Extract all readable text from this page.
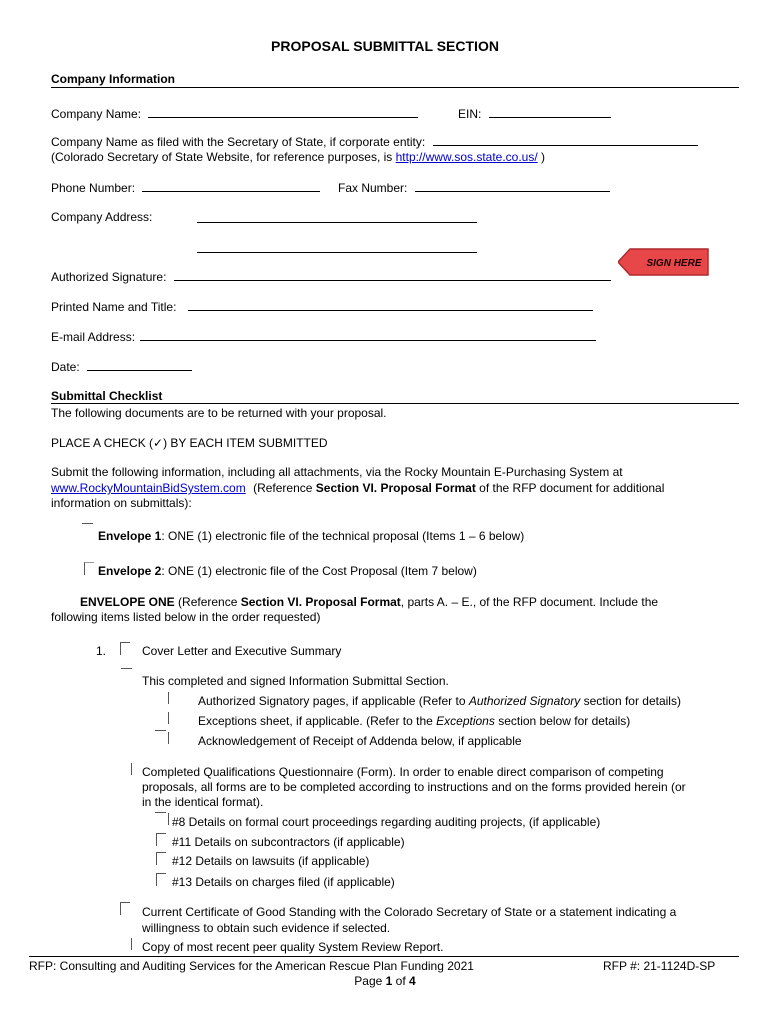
PROPOSAL SUBMITTAL SECTION
Company Information
Company Name:	EIN:
Company Name as filed with the Secretary of State, if corporate entity:
(Colorado Secretary of State Website, for reference purposes, is http://www.sos.state.co.us/ )
Phone Number:	Fax Number:
Company Address:
SIGN HERE
Authorized Signature:
Printed Name and Title:
E-mail Address:
Date:
Submittal Checklist
The following documents are to be returned with your proposal.
PLACE A CHECK (✓) BY EACH ITEM SUBMITTED
Submit the following information, including all attachments, via the Rocky Mountain E-Purchasing System at
www.RockyMountainBidSystem.com (Reference Section VI. Proposal Format of the RFP document for additional
information on submittals):
Envelope 1: ONE (1) electronic file of the technical proposal (Items 1 – 6 below)
Envelope 2: ONE (1) electronic file of the Cost Proposal (Item 7 below)
ENVELOPE ONE (Reference Section VI. Proposal Format, parts A. – E., of the RFP document. Include the
following items listed below in the order requested)
1.	Cover Letter and Executive Summary
This completed and signed Information Submittal Section.
Authorized Signatory pages, if applicable (Refer to Authorized Signatory section for details)
Exceptions sheet, if applicable. (Refer to the Exceptions section below for details)
Acknowledgement of Receipt of Addenda below, if applicable
Completed Qualifications Questionnaire (Form). In order to enable direct comparison of competing
proposals, all forms are to be completed according to instructions and on the forms provided herein (or
in the identical format).
#8 Details on formal court proceedings regarding auditing projects, (if applicable)
#11 Details on subcontractors (if applicable)
#12 Details on lawsuits (if applicable)
#13 Details on charges filed (if applicable)
Current Certificate of Good Standing with the Colorado Secretary of State or a statement indicating a
willingness to obtain such evidence if selected.
Copy of most recent peer quality System Review Report.
RFP: Consulting and Auditing Services for the American Rescue Plan Funding 2021	RFP #: 21-1124D-SP
Page 1 of 4
